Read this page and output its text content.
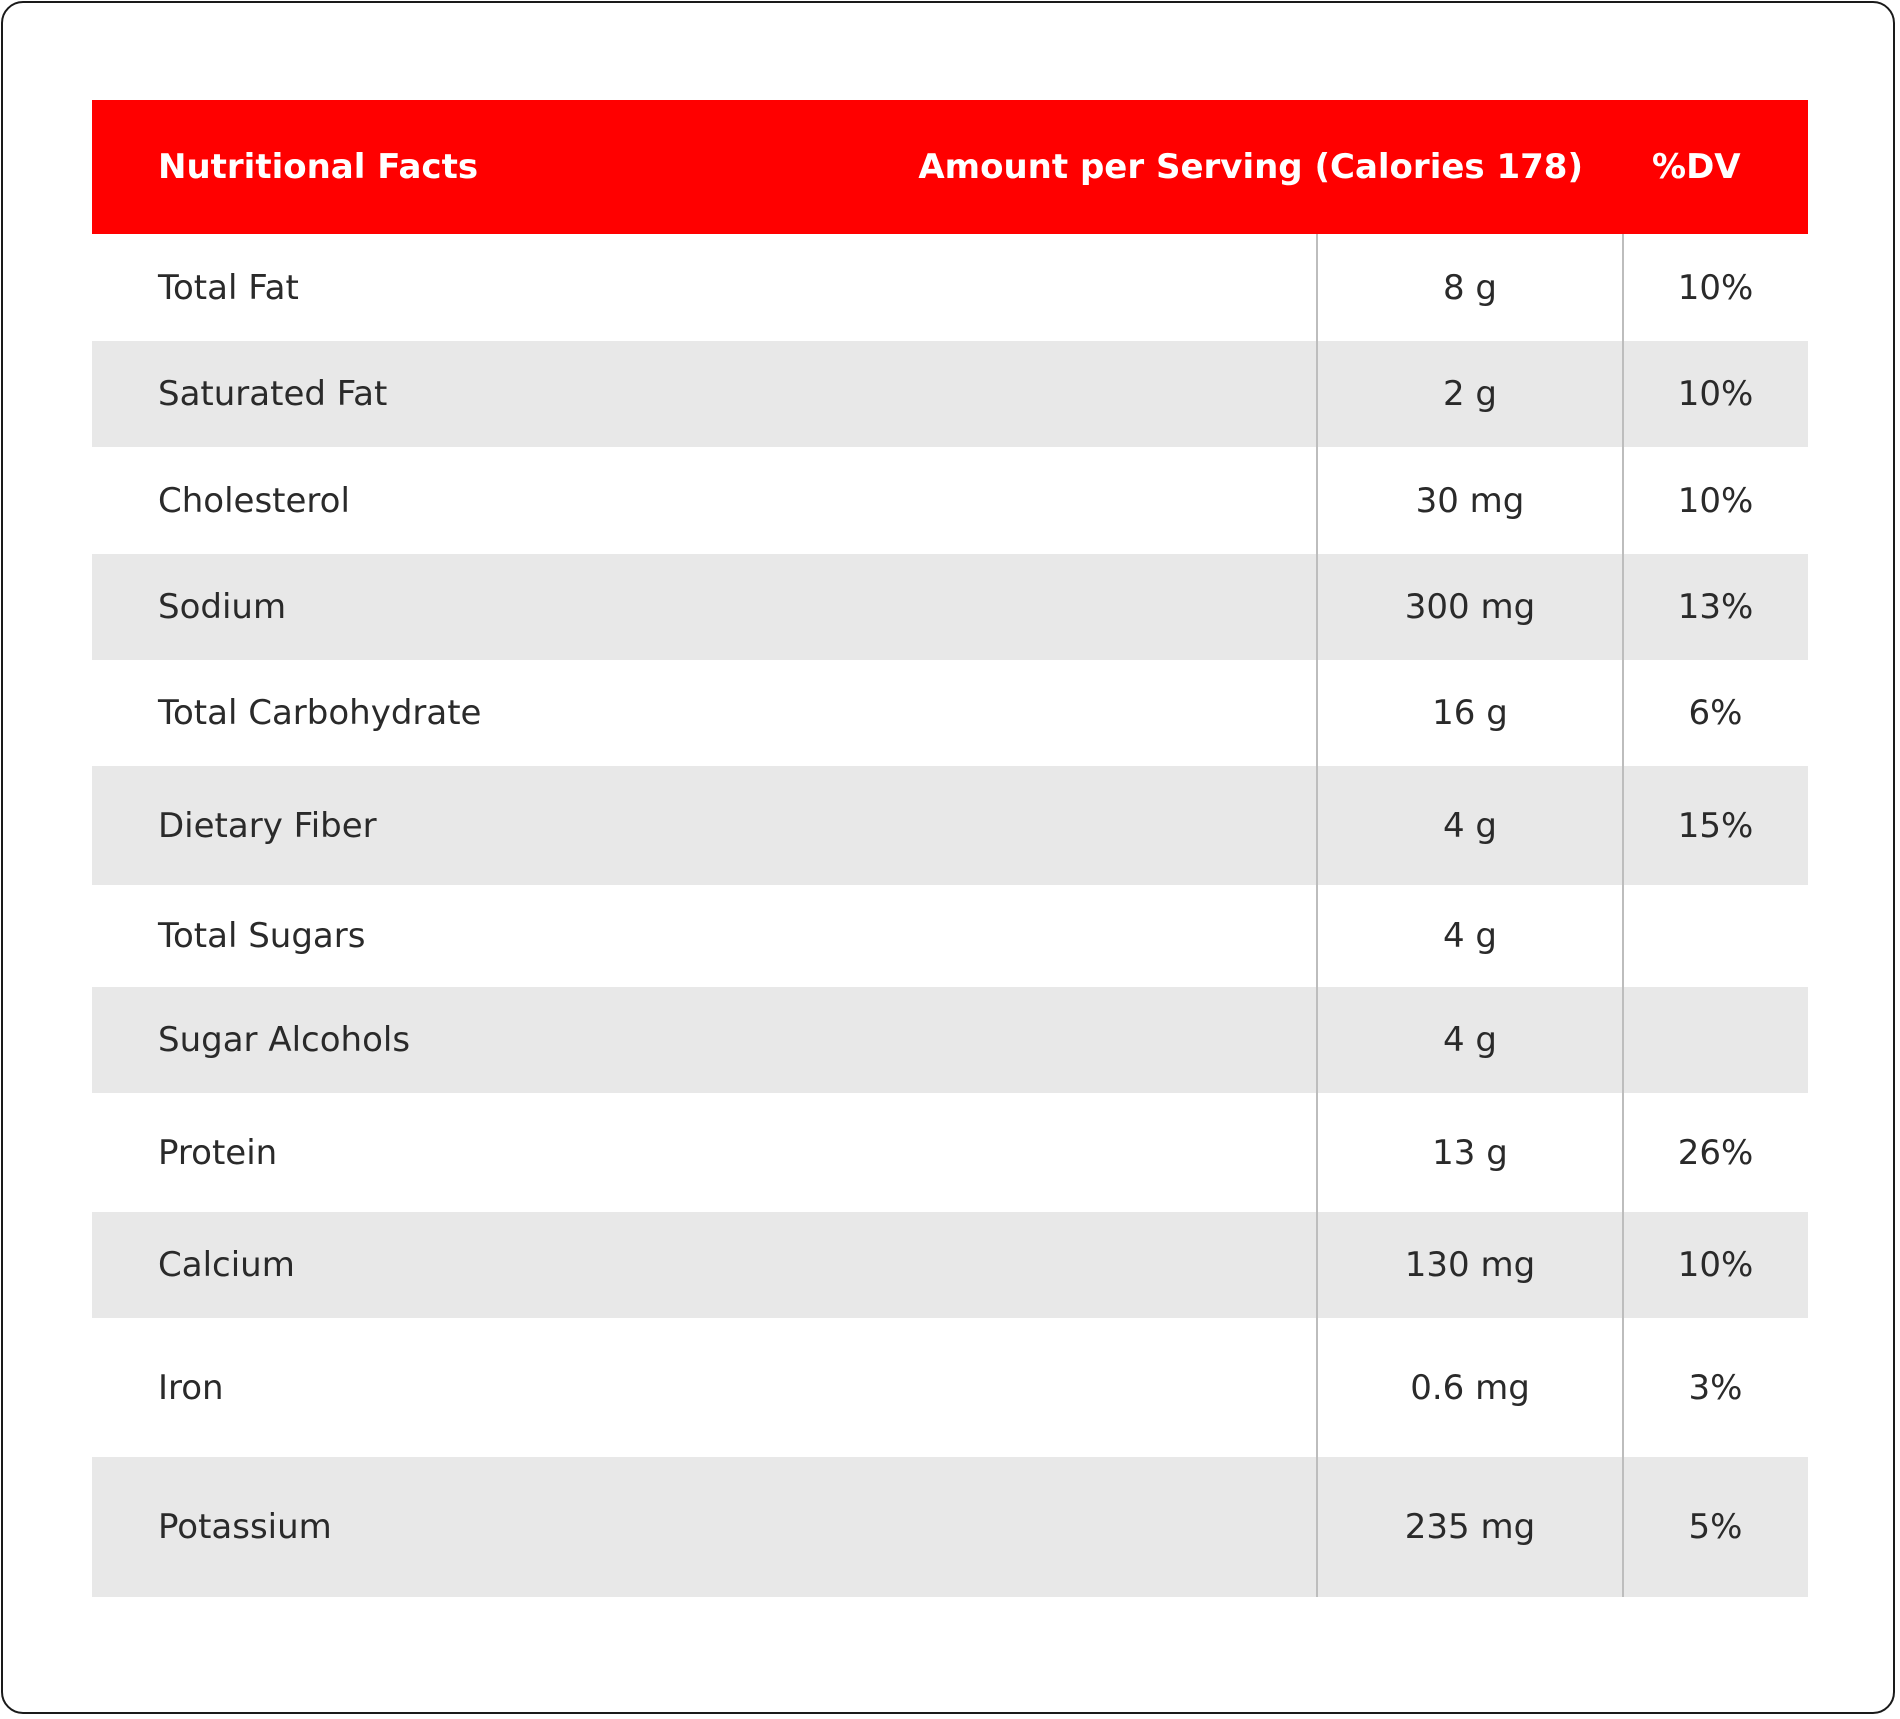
Nutritional Facts	Amount per Serving (Calories 178) %DV
Total Fat	8 g	10%
Saturated Fat	2 g	10%
Cholesterol	30 mg	10%
Sodium	300 mg	13%
Total Carbohydrate	16 g	6%
Dietary Fiber	4 g	15%
Total Sugars	4 g
Sugar Alcohols	4 g
Protein	13 g	26%
Calcium	130 mg	10%
Iron	0.6 mg	3%
Potassium	235 mg	5%
